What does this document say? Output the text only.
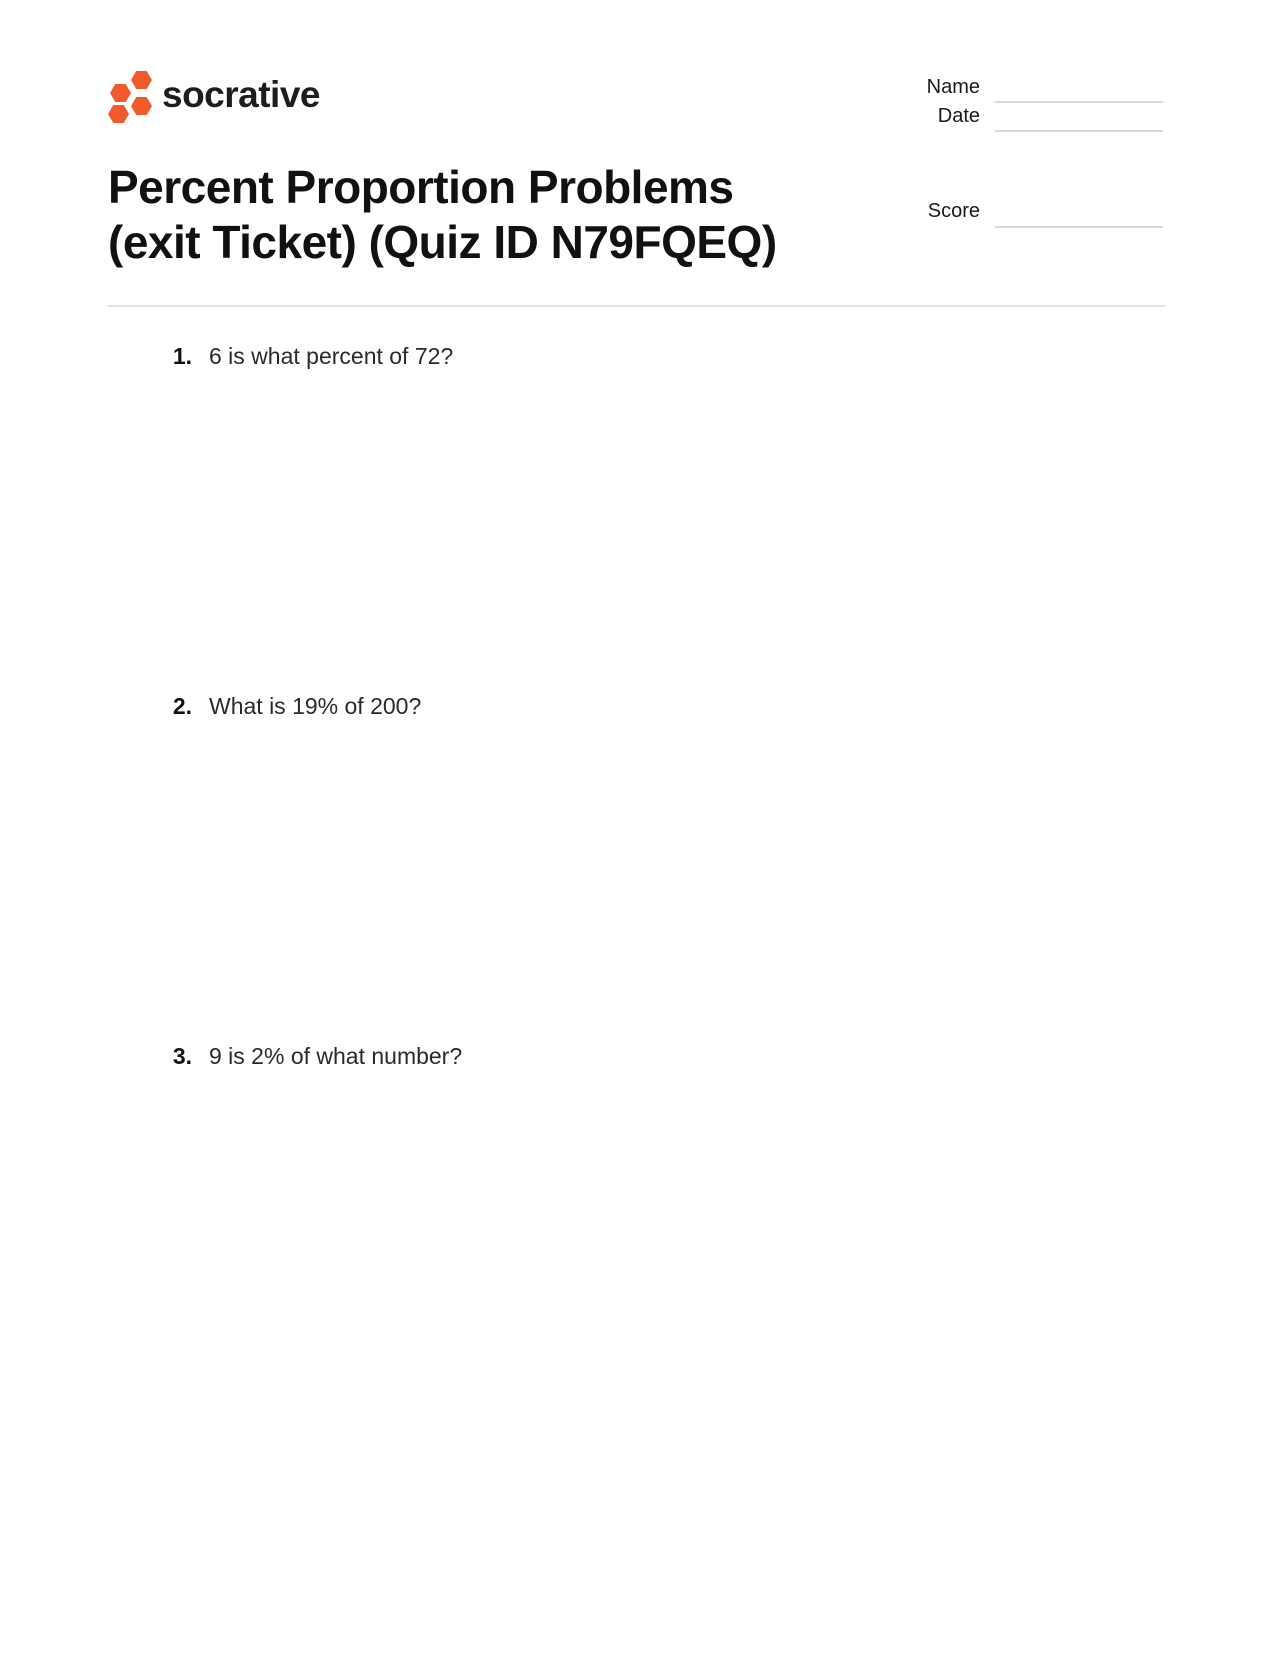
socrative	Name
Date
Percent Proportion Problems
(exit Ticket) (Quiz ID N79FQEQ)
Score
1. 6 is what percent of 72?
2. What is 19% of 200?
3. 9 is 2% of what number?
